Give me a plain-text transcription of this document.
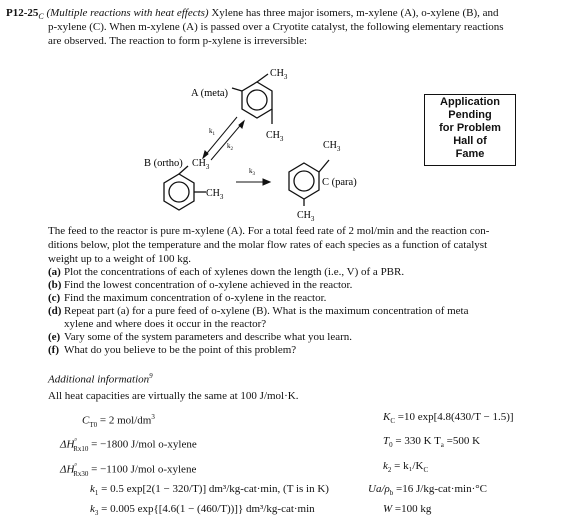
$P12-25_C$ (Multiple reactions with heat effects) Xylene has three major isomers, m-xylene (A), o-xylene (B), and
p-xylene (C). When m-xylene (A) is passed over a Cryotite catalyst, the following elementary reactions
are observed. The reaction to form p-xylene is irreversible:
$CH_3$
$CH_3$
A (meta)
$k_1$
$k_2$
B (ortho) $CH_3$
$CH_3$
$k_3$
$CH_3$
$CH_3$
C (para)
Application
Pending
for Problem
Hall of
Fame
The feed to the reactor is pure m-xylene (A). For a total feed rate of 2 mol/min and the reaction con-
ditions below, plot the temperature and the molar flow rates of each species as a function of catalyst
weight up to a weight of 100 kg.
(a) Plot the concentrations of each of xylenes down the length (i.e., V) of a PBR.
(b) Find the lowest concentration of o-xylene achieved in the reactor.
(c) Find the maximum concentration of o-xylene in the reactor.
(d) Repeat part (a) for a pure feed of o-xylene (B). What is the maximum concentration of meta
xylene and where does it occur in the reactor?
(e) Vary some of the system parameters and describe what you learn.
(f) What do you believe to be the point of this problem?
Additional information$^9$
All heat capacities are virtually the same at 100 J/mol·K.
$C_{T0} = 2$ mol/$dm^3$
$\Delta H^\circ_{Rx10} = -1800$ J/mol o-xylene
$\Delta H^\circ_{Rx30} = -1100$ J/mol o-xylene
$k_1 = 0.5$ exp[2(1 − 320/T)] dm³/kg-cat·min, (T is in K)
$k_3 = 0.005$ exp{[4.6(1 − (460/T))]} dm³/kg-cat·min
$K_C =10$ exp[4.8(430/T − 1.5)]
$T_0 = 330$ K $T_a =500$ K
$k_2 = k_1/K_C$
$Ua/\rho_b =16$ J/kg-cat·min·°C
W =100 kg
